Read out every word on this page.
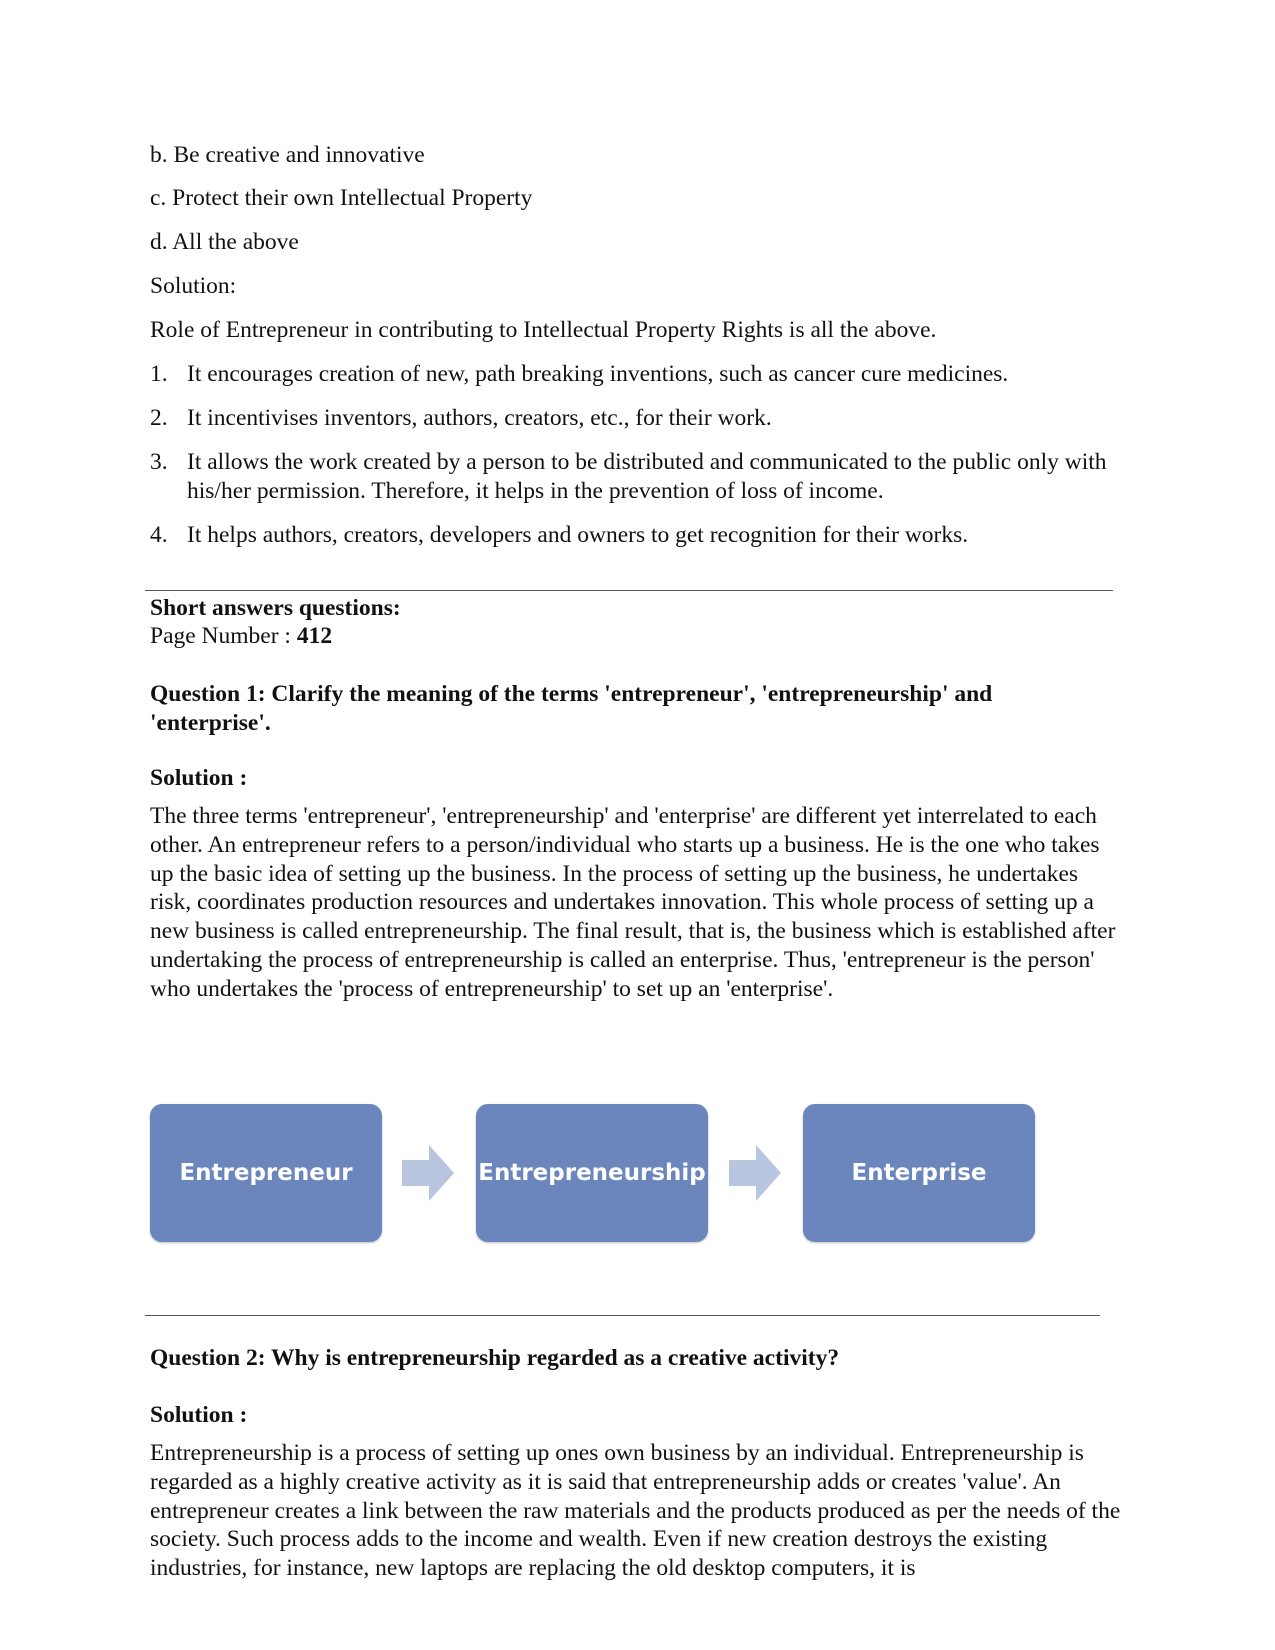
b. Be creative and innovative
c. Protect their own Intellectual Property
d. All the above
Solution:
Role of Entrepreneur in contributing to Intellectual Property Rights is all the above.
1. It encourages creation of new, path breaking inventions, such as cancer cure medicines.
2. It incentivises inventors, authors, creators, etc., for their work.
3. It allows the work created by a person to be distributed and communicated to the public only with his/her permission. Therefore, it helps in the prevention of loss of income.
4. It helps authors, creators, developers and owners to get recognition for their works.
Short answers questions:
Page Number : 412
Question 1: Clarify the meaning of the terms 'entrepreneur', 'entrepreneurship' and 'enterprise'.
Solution :
The three terms 'entrepreneur', 'entrepreneurship' and 'enterprise' are different yet interrelated to each other. An entrepreneur refers to a person/individual who starts up a business. He is the one who takes up the basic idea of setting up the business. In the process of setting up the business, he undertakes risk, coordinates production resources and undertakes innovation. This whole process of setting up a new business is called entrepreneurship. The final result, that is, the business which is established after undertaking the process of entrepreneurship is called an enterprise. Thus, 'entrepreneur is the person' who undertakes the 'process of entrepreneurship' to set up an 'enterprise'.
Entrepreneur	Entrepreneurship	Enterprise
Question 2: Why is entrepreneurship regarded as a creative activity?
Solution :
Entrepreneurship is a process of setting up ones own business by an individual. Entrepreneurship is regarded as a highly creative activity as it is said that entrepreneurship adds or creates 'value'. An entrepreneur creates a link between the raw materials and the products produced as per the needs of the society. Such process adds to the income and wealth. Even if new creation destroys the existing industries, for instance, new laptops are replacing the old desktop computers, it is
